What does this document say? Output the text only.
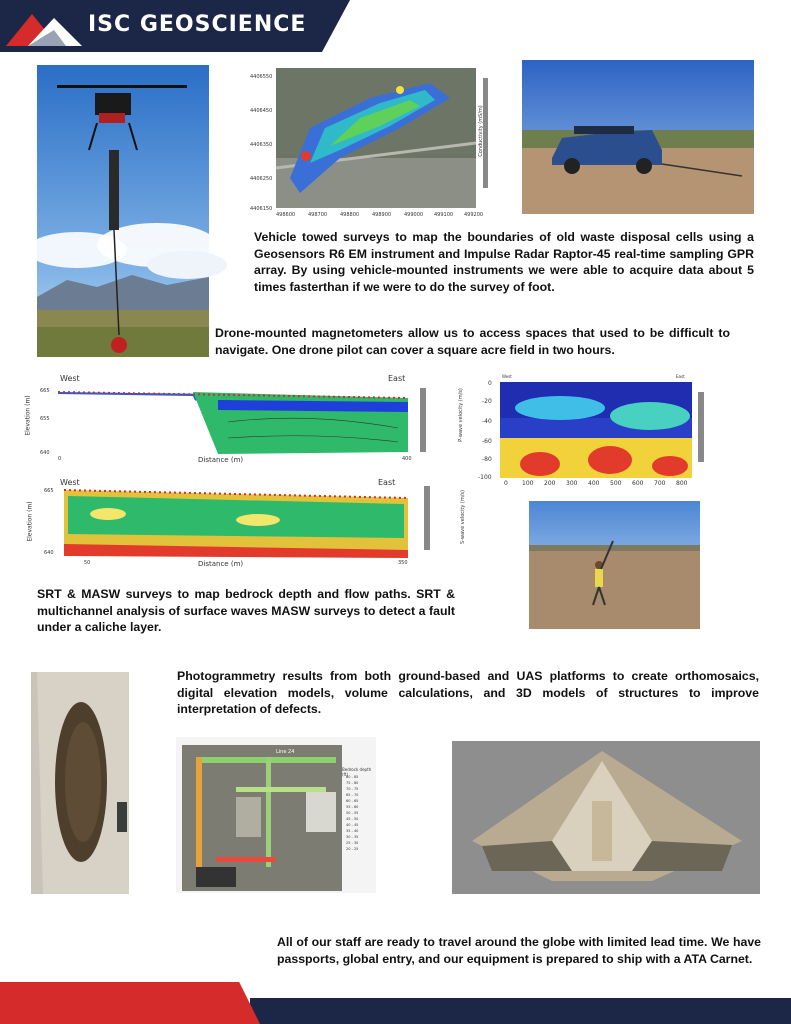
ISC GEOSCIENCE
4406550
4406450
4406350
4406250
4406150
498600	498700	498800	498900	499000 499100 499200
Conductivity (mS/m)
Vehicle towed surveys to map the boundaries of old waste disposal cells using a Geosensors R6 EM instrument and Impulse Radar Raptor-45 real-time sampling GPR array. By using vehicle-mounted instruments we were able to acquire data about 5 times fasterthan if we were to do the survey of foot.
Drone-mounted magnetometers allow us to access spaces that used to be difficult to navigate. One drone pilot can cover a square acre field in two hours.
West	East
Elevation (m)
Distance (m)
665
655
640
0	400
P-wave velocity (m/s)
West	East
0
-20
-40
-60
-80
-100
0 100 200 300 400 500 600 700 800
West	East
Elevation (m)
Distance (m)
665
640
50	350
S-wave velocity (m/s)
SRT & MASW surveys to map bedrock depth and flow paths. SRT & multichannel analysis of surface waves MASW surveys to detect a fault under a caliche layer.
Photogrammetry results from both ground-based and UAS platforms to create orthomosaics, digital elevation models, volume calculations, and 3D models of structures to improve interpretation of defects.
Line 24
Bedrock depth (ft)
80 - 85
75 - 80
70 - 75
65 - 70
60 - 65
55 - 60
50 - 55
45 - 50
40 - 45
35 - 40
30 - 35
25 - 30
20 - 25
All of our staff are ready to travel around the globe with limited lead time. We have passports, global entry, and our equipment is prepared to ship with a ATA Carnet.
